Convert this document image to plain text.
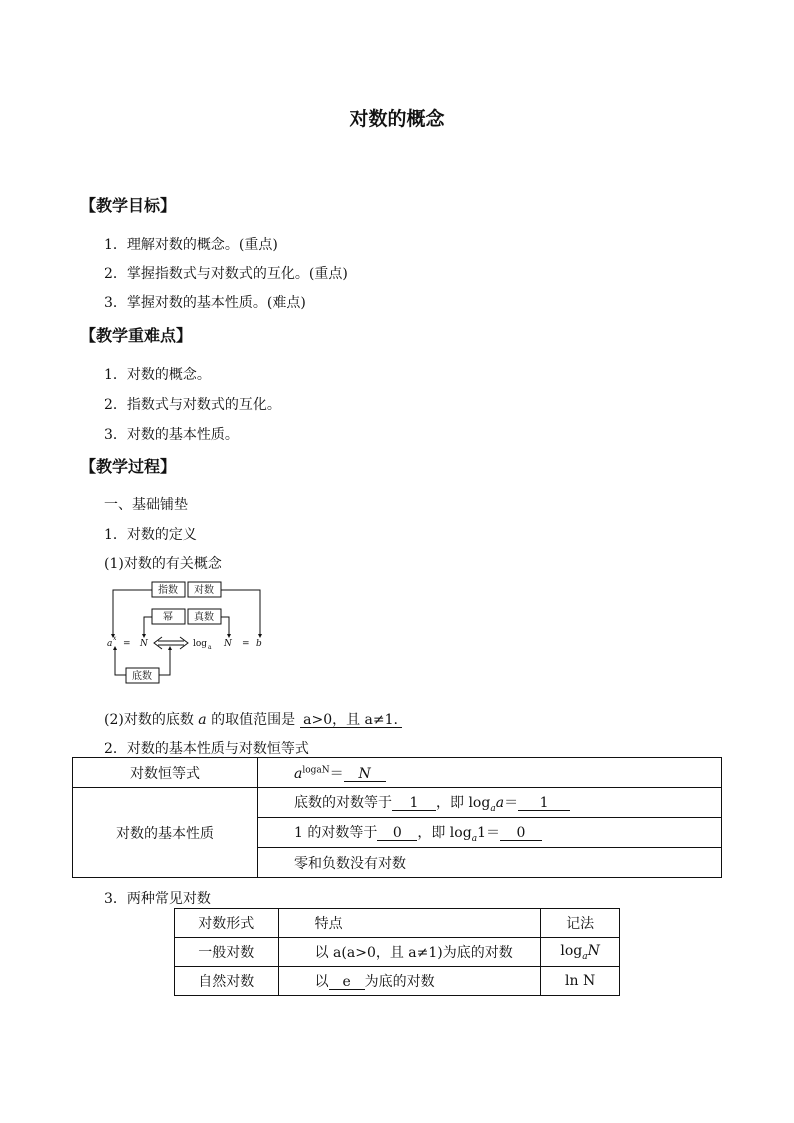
对数的概念
【教学目标】
1．理解对数的概念。(重点)
2．掌握指数式与对数式的互化。(重点)
3．掌握对数的基本性质。(难点)
【教学重难点】
1．对数的概念。
2．指数式与对数式的互化。
3．对数的基本性质。
【教学过程】
一、基础铺垫
1．对数的定义
(1)对数的有关概念
指数 对数
幂 真数
底数
a
x
= N	log a N = b
(2)对数的底数 a 的取值范围是 a>0，且 a≠1.
2．对数的基本性质与对数恒等式
对数恒等式	$a^{logaN}= N$
对数的基本性质	底数的对数等于 1 ，即 $\log_aa= 1$
	1 的对数等于 0 ，即 $\log_a1= 0$
	零和负数没有对数
3．两种常见对数
对数形式	特点	记法
一般对数	以 a(a>0，且 a≠1)为底的对数	$\log_aN$
自然对数	以 e 为底的对数	ln N
